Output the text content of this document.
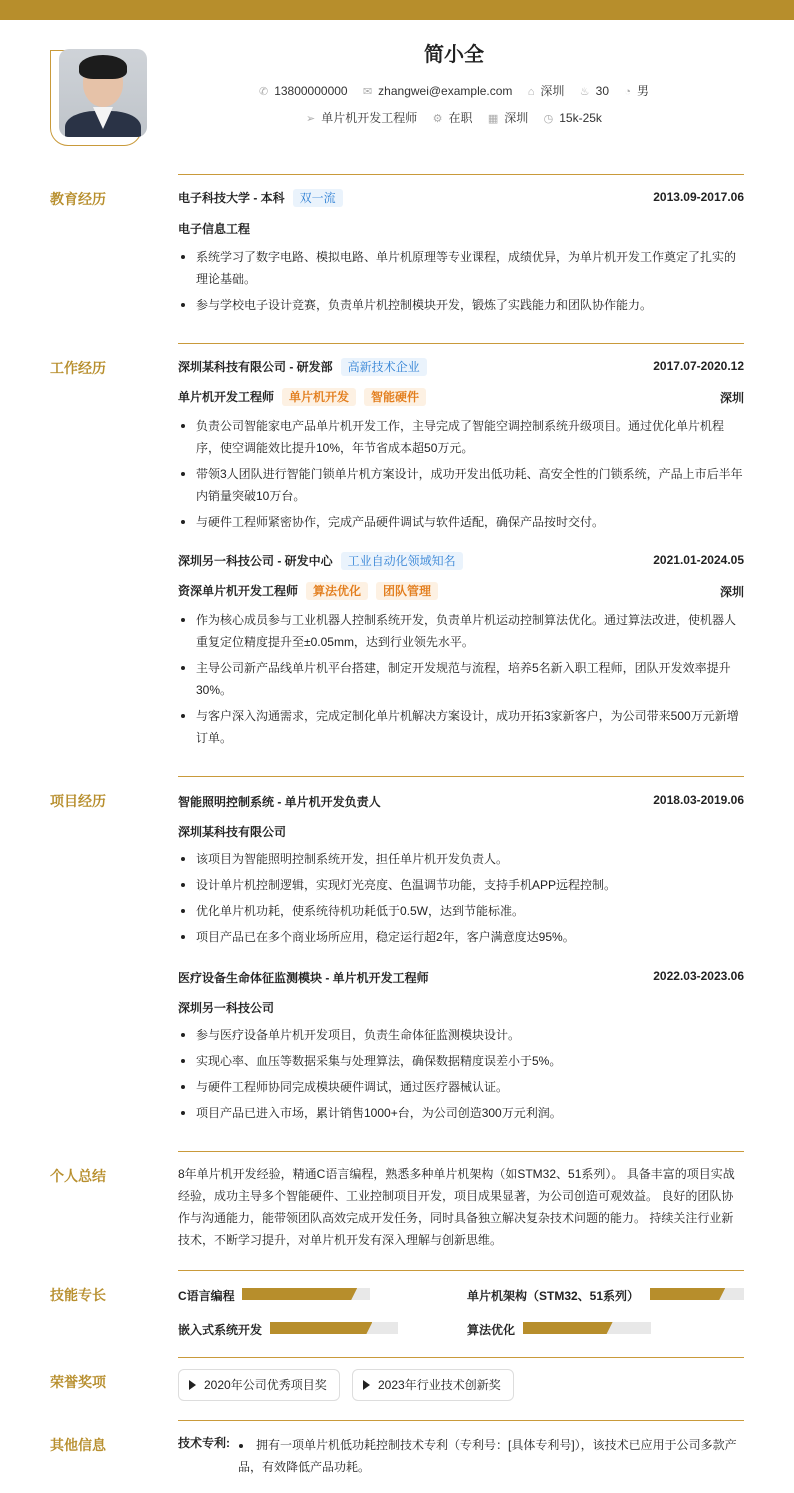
简小全
✆ 13800000000 ✉ zhangwei@example.com ⌂ 深圳 ♨ 30 ◔ 男
➢ 单片机开发工程师 ⚙ 在职 ▦ 深圳 ◷ 15k-25k
教育经历	电子科技大学 - 本科 双一流	2013.09-2017.06
电子信息工程
系统学习了数字电路、模拟电路、单片机原理等专业课程，成绩优异，为单片机开发工作奠定了扎实的理论基础。
参与学校电子设计竞赛，负责单片机控制模块开发，锻炼了实践能力和团队协作能力。
工作经历	深圳某科技有限公司 - 研发部 高新技术企业	2017.07-2020.12
单片机开发工程师 单片机开发 智能硬件	深圳
负责公司智能家电产品单片机开发工作，主导完成了智能空调控制系统升级项目。通过优化单片机程序，使空调能效比提升10%，年节省成本超50万元。
带领3人团队进行智能门锁单片机方案设计，成功开发出低功耗、高安全性的门锁系统，产品上市后半年内销量突破10万台。
与硬件工程师紧密协作，完成产品硬件调试与软件适配，确保产品按时交付。
深圳另一科技公司 - 研发中心 工业自动化领域知名	2021.01-2024.05
资深单片机开发工程师 算法优化 团队管理	深圳
作为核心成员参与工业机器人控制系统开发，负责单片机运动控制算法优化。通过算法改进，使机器人重复定位精度提升至±0.05mm，达到行业领先水平。
主导公司新产品线单片机平台搭建，制定开发规范与流程，培养5名新入职工程师，团队开发效率提升30%。
与客户深入沟通需求，完成定制化单片机解决方案设计，成功开拓3家新客户，为公司带来500万元新增订单。
项目经历	智能照明控制系统 - 单片机开发负责人	2018.03-2019.06
深圳某科技有限公司
该项目为智能照明控制系统开发，担任单片机开发负责人。
设计单片机控制逻辑，实现灯光亮度、色温调节功能，支持手机APP远程控制。
优化单片机功耗，使系统待机功耗低于0.5W，达到节能标准。
项目产品已在多个商业场所应用，稳定运行超2年，客户满意度达95%。
医疗设备生命体征监测模块 - 单片机开发工程师	2022.03-2023.06
深圳另一科技公司
参与医疗设备单片机开发项目，负责生命体征监测模块设计。
实现心率、血压等数据采集与处理算法，确保数据精度误差小于5%。
与硬件工程师协同完成模块硬件调试，通过医疗器械认证。
项目产品已进入市场，累计销售1000+台，为公司创造300万元利润。
个人总结	8年单片机开发经验，精通C语言编程，熟悉多种单片机架构（如STM32、51系列）。 具备丰富的项目实战经验，成功主导多个智能硬件、工业控制项目开发，项目成果显著，为公司创造可观效益。 良好的团队协作与沟通能力，能带领团队高效完成开发任务，同时具备独立解决复杂技术问题的能力。 持续关注行业新技术，不断学习提升，对单片机开发有深入理解与创新思维。
技能专长	C语言编程	单片机架构（STM32、51系列）
嵌入式系统开发	算法优化
荣誉奖项	2020年公司优秀项目奖	2023年行业技术创新奖
其他信息	技术专利:	拥有一项单片机低功耗控制技术专利（专利号：[具体专利号]），该技术已应用于公司多款产品，有效降低产品功耗。
